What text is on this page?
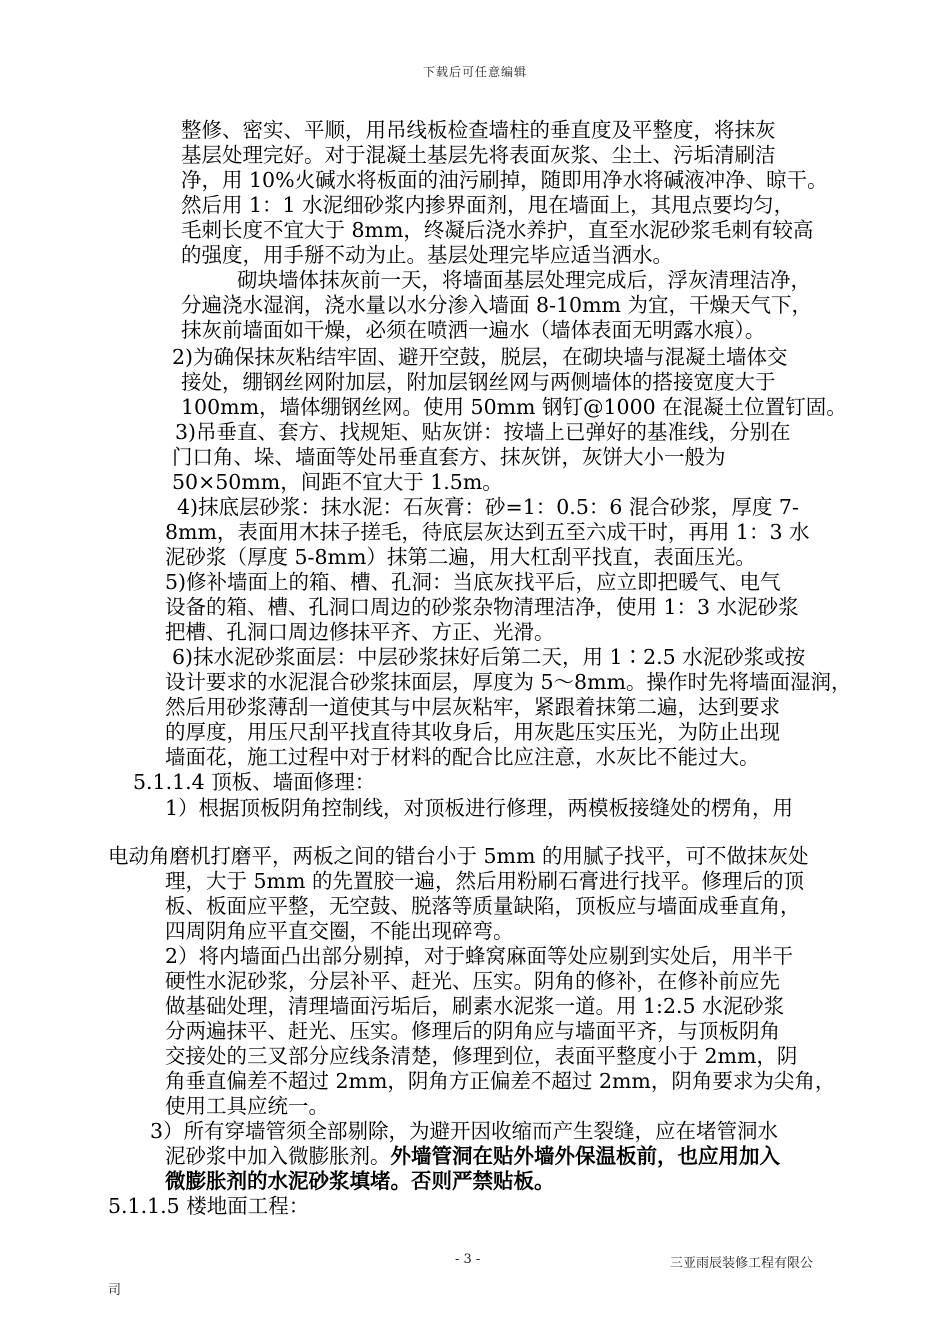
下载后可任意编辑
整修、密实、平顺，用吊线板检查墙柱的垂直度及平整度，将抹灰
基层处理完好。对于混凝土基层先将表面灰浆、尘土、污垢清刷洁
净，用 10%火碱水将板面的油污刷掉，随即用净水将碱液冲净、晾干。
然后用 1：1 水泥细砂浆内掺界面剂，甩在墙面上，其甩点要均匀，
毛刺长度不宜大于 8mm，终凝后浇水养护，直至水泥砂浆毛刺有较高
的强度，用手掰不动为止。基层处理完毕应适当洒水。
砌块墙体抹灰前一天，将墙面基层处理完成后，浮灰清理洁净，
分遍浇水湿润，浇水量以水分渗入墙面 8-10mm 为宜，干燥天气下，
抹灰前墙面如干燥，必须在喷洒一遍水（墙体表面无明露水痕）。
2)为确保抹灰粘结牢固、避开空鼓，脱层，在砌块墙与混凝土墙体交
接处，绷钢丝网附加层，附加层钢丝网与两侧墙体的搭接宽度大于
100mm，墙体绷钢丝网。使用 50mm 钢钉@1000 在混凝土位置钉固。
3)吊垂直、套方、找规矩、贴灰饼：按墙上已弹好的基准线，分别在
门口角、垛、墙面等处吊垂直套方、抹灰饼，灰饼大小一般为
50×50mm，间距不宜大于 1.5m。
4)抹底层砂浆：抹水泥：石灰膏：砂=1：0.5：6 混合砂浆，厚度 7-
8mm，表面用木抹子搓毛，待底层灰达到五至六成干时，再用 1：3 水
泥砂浆（厚度 5-8mm）抹第二遍，用大杠刮平找直，表面压光。
5)修补墙面上的箱、槽、孔洞：当底灰找平后，应立即把暖气、电气
设备的箱、槽、孔洞口周边的砂浆杂物清理洁净，使用 1：3 水泥砂浆
把槽、孔洞口周边修抹平齐、方正、光滑。
6)抹水泥砂浆面层：中层砂浆抹好后第二天，用 1∶2.5 水泥砂浆或按
设计要求的水泥混合砂浆抹面层，厚度为 5～8mm。操作时先将墙面湿润，
然后用砂浆薄刮一道使其与中层灰粘牢，紧跟着抹第二遍，达到要求
的厚度，用压尺刮平找直待其收身后，用灰匙压实压光，为防止出现
墙面花，施工过程中对于材料的配合比应注意，水灰比不能过大。
5.1.1.4 顶板、墙面修理：
1）根据顶板阴角控制线，对顶板进行修理，两模板接缝处的楞角，用
电动角磨机打磨平，两板之间的错台小于 5mm 的用腻子找平，可不做抹灰处
理，大于 5mm 的先置胶一遍，然后用粉刷石膏进行找平。修理后的顶
板、板面应平整，无空鼓、脱落等质量缺陷，顶板应与墙面成垂直角，
四周阴角应平直交圈，不能出现碎弯。
2）将内墙面凸出部分剔掉，对于蜂窝麻面等处应剔到实处后，用半干
硬性水泥砂浆，分层补平、赶光、压实。阴角的修补，在修补前应先
做基础处理，清理墙面污垢后，刷素水泥浆一道。用 1:2.5 水泥砂浆
分两遍抹平、赶光、压实。修理后的阴角应与墙面平齐，与顶板阴角
交接处的三叉部分应线条清楚，修理到位，表面平整度小于 2mm，阴
角垂直偏差不超过 2mm，阴角方正偏差不超过 2mm，阴角要求为尖角，
使用工具应统一。
3）所有穿墙管须全部剔除，为避开因收缩而产生裂缝，应在堵管洞水
泥砂浆中加入微膨胀剂。外墙管洞在贴外墙外保温板前，也应用加入
微膨胀剂的水泥砂浆填堵。否则严禁贴板。
5.1.1.5 楼地面工程：
- 3 -	三亚雨辰装修工程有限公
司
